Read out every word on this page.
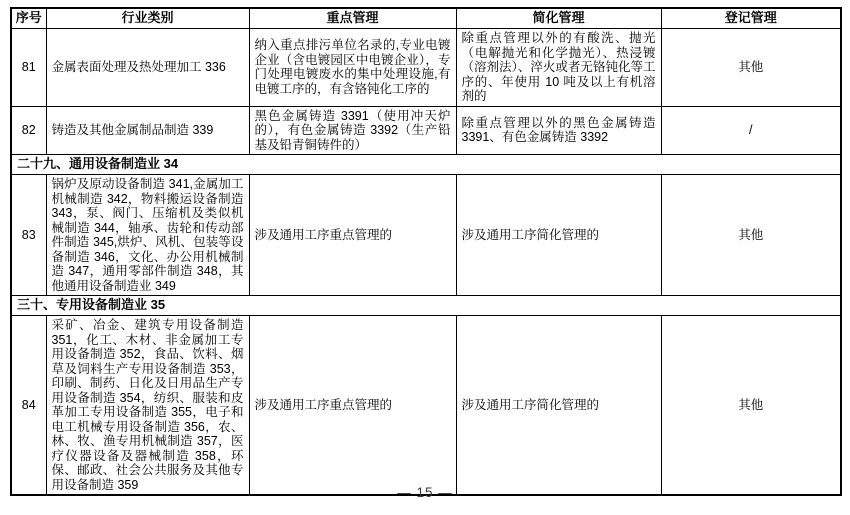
序号	行业类别	重点管理	简化管理	登记管理
81	金属表面处理及热处理加工 336	纳入重点排污单位名录的,专业电镀企业（含电镀园区中电镀企业），专门处理电镀废水的集中处理设施,有电镀工序的，有含铬钝化工序的	除重点管理以外的有酸洗、抛光（电解抛光和化学抛光）、热浸镀（溶剂法）、淬火或者无铬钝化等工序的、年使用 10 吨及以上有机溶剂的	其他
82	铸造及其他金属制品制造 339	黑色金属铸造 3391（使用冲天炉的），有色金属铸造 3392（生产铅基及铅青铜铸件的）	除重点管理以外的黑色金属铸造 3391、有色金属铸造 3392	/
二十九、通用设备制造业 34				
83	锅炉及原动设备制造 341,金属加工机械制造 342，物料搬运设备制造 343，泵、阀门、压缩机及类似机械制造 344，轴承、齿轮和传动部件制造 345,烘炉、风机、包装等设备制造 346，文化、办公用机械制造 347，通用零部件制造 348，其他通用设备制造业 349	涉及通用工序重点管理的	涉及通用工序简化管理的	其他
三十、专用设备制造业 35				
84	采矿、冶金、建筑专用设备制造 351，化工、木材、非金属加工专用设备制造 352，食品、饮料、烟草及饲料生产专用设备制造 353，印刷、制药、日化及日用品生产专用设备制造 354，纺织、服装和皮革加工专用设备制造 355，电子和电工机械专用设备制造 356，农、林、牧、渔专用机械制造 357，医疗仪器设备及器械制造 358，环保、邮政、社会公共服务及其他专用设备制造 359	涉及通用工序重点管理的	涉及通用工序简化管理的	其他
— 15 —
